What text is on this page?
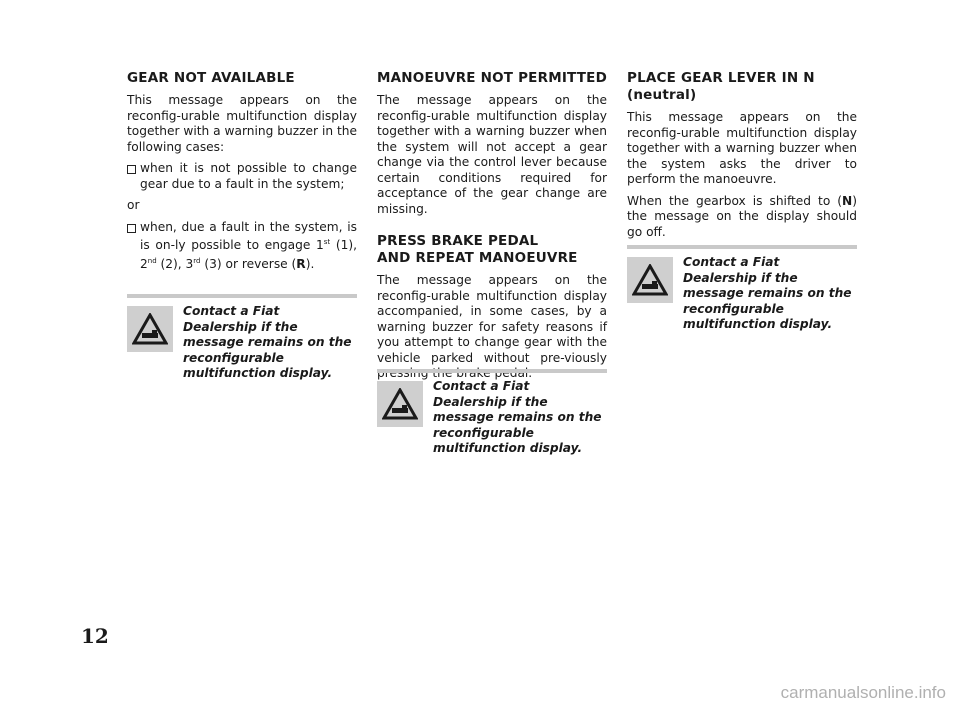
GEAR NOT AVAILABLE

This message appears on the reconfig-urable multifunction display together with a warning buzzer in the following cases:

when it is not possible to change gear due to a fault in the system;

or

when, due a fault in the system, is is on-ly possible to engage 1st (1), 2nd (2), 3rd (3) or reverse (R).
Contact a Fiat Dealership if the message remains on the reconfigurable multifunction display.
MANOEUVRE NOT PERMITTED

The message appears on the reconfig-urable multifunction display together with a warning buzzer when the system will not accept a gear change via the control lever because certain conditions required for acceptance of the gear change are missing.

PRESS BRAKE PEDAL
AND REPEAT MANOEUVRE

The message appears on the reconfig-urable multifunction display accompanied, in some cases, by a warning buzzer for safety reasons if you attempt to change gear with the vehicle parked without pre-viously pressing the brake pedal.

Contact a Fiat Dealership if the message remains on the reconfigurable multifunction display.
PLACE GEAR LEVER IN N
(neutral)

This message appears on the reconfig-urable multifunction display together with a warning buzzer when the system asks the driver to perform the manoeuvre.

When the gearbox is shifted to (N) the message on the display should go off.

Contact a Fiat Dealership if the message remains on the reconfigurable multifunction display.
12
carmanualsonline.info
